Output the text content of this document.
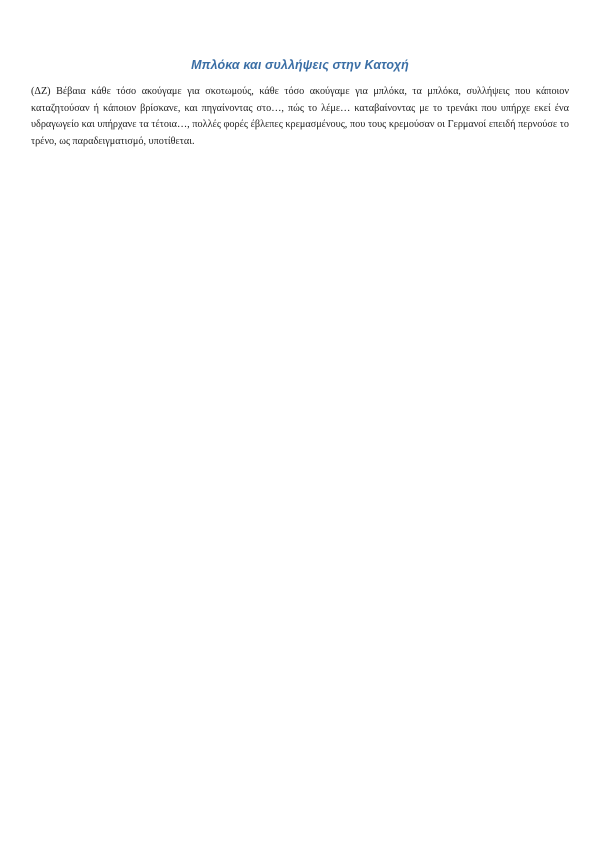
Μπλόκα και συλλήψεις στην Κατοχή

(ΔΖ) Βέβαια κάθε τόσο ακούγαμε για σκοτωμούς, κάθε τόσο ακούγαμε για μπλόκα, τα μπλόκα, συλλήψεις που κάποιον καταζητούσαν ή κάποιον βρίσκανε, και πηγαίνοντας στο…, πώς το λέμε… καταβαίνοντας με το τρενάκι που υπήρχε εκεί ένα υδραγωγείο και υπήρχανε τα τέτοια…, πολλές φορές έβλεπες κρεμασμένους, που τους κρεμούσαν οι Γερμανοί επειδή περνούσε το τρένο, ως παραδειγματισμό, υποτίθεται.
